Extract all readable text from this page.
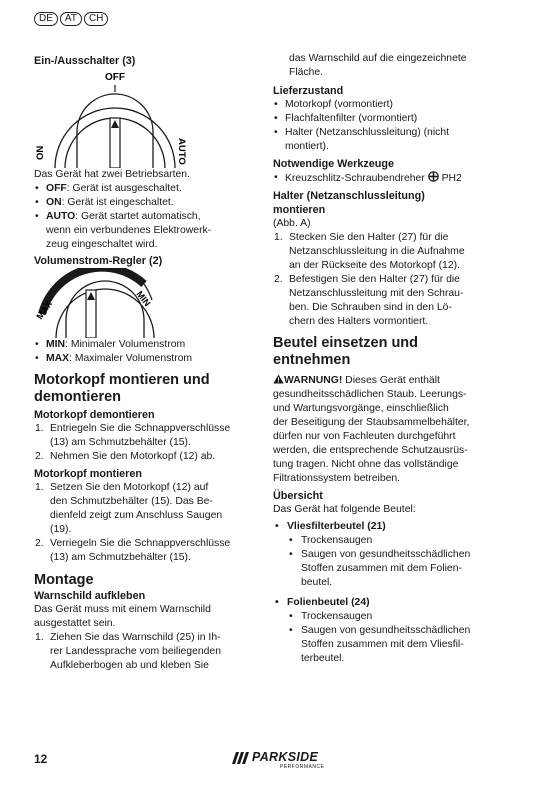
DE	AT	CH
Ein-/Ausschalter (3)
OFF
ON	AUTO

Das Gerät hat zwei Betriebsarten.

• OFF: Gerät ist ausgeschaltet.
• ON: Gerät ist eingeschaltet.
• AUTO: Gerät startet automatisch,
wenn ein verbundenes Elektrowerk-
zeug eingeschaltet wird.
Volumenstrom-Regler (2)
MAX
MIN
• MIN: Minimaler Volumenstrom
• MAX: Maximaler Volumenstrom
Motorkopf montieren und
demontieren
Motorkopf demontieren
1. Entriegeln Sie die Schnappverschlüsse
(13) am Schmutzbehälter (15).
2. Nehmen Sie den Motorkopf (12) ab.
Motorkopf montieren
1. Setzen Sie den Motorkopf (12) auf
den Schmutzbehälter (15). Das Be-
dienfeld zeigt zum Anschluss Saugen
(19).
2. Verriegeln Sie die Schnappverschlüsse
(13) am Schmutzbehälter (15).
Montage
Warnschild aufkleben

Das Gerät muss mit einem Warnschild
ausgestattet sein.

1. Ziehen Sie das Warnschild (25) in Ih-
rer Landessprache vom beiliegenden
Aufkleberbogen ab und kleben Sie

das Warnschild auf die eingezeichnete
Fläche.

Lieferzustand
• Motorkopf (vormontiert)
• Flachfaltenfilter (vormontiert)
• Halter (Netzanschlussleitung) (nicht
montiert).
Notwendige Werkzeuge
• Kreuzschlitz-Schraubendreher PH2
Halter (Netzanschlussleitung)
montieren

(Abb. A)

1. Stecken Sie den Halter (27) für die
Netzanschlussleitung in die Aufnahme
an der Rückseite des Motorkopf (12).
2. Befestigen Sie den Halter (27) für die
Netzanschlussleitung mit den Schrau-
ben. Die Schrauben sind in den Lö-
chern des Halters vormontiert.
Beutel einsetzen und
entnehmen

WARNUNG! Dieses Gerät enthält
gesundheitsschädlichen Staub. Leerungs-
und Wartungsvorgänge, einschließlich
der Beseitigung der Staubsammelbehälter,
dürfen nur von Fachleuten durchgeführt
werden, die entsprechende Schutzausrüs-
tung tragen. Nicht ohne das vollständige
Filtrationssystem betreiben.

Übersicht

Das Gerät hat folgende Beutel:

• Vliesfilterbeutel (21)
• Trockensaugen
• Saugen von gesundheitsschädlichen
Stoffen zusammen mit dem Folien-
beutel.
• Folienbeutel (24)
• Trockensaugen
• Saugen von gesundheitsschädlichen
Stoffen zusammen mit dem Vliesfil-
terbeutel.
12	PARKSIDE
PERFORMANCE
